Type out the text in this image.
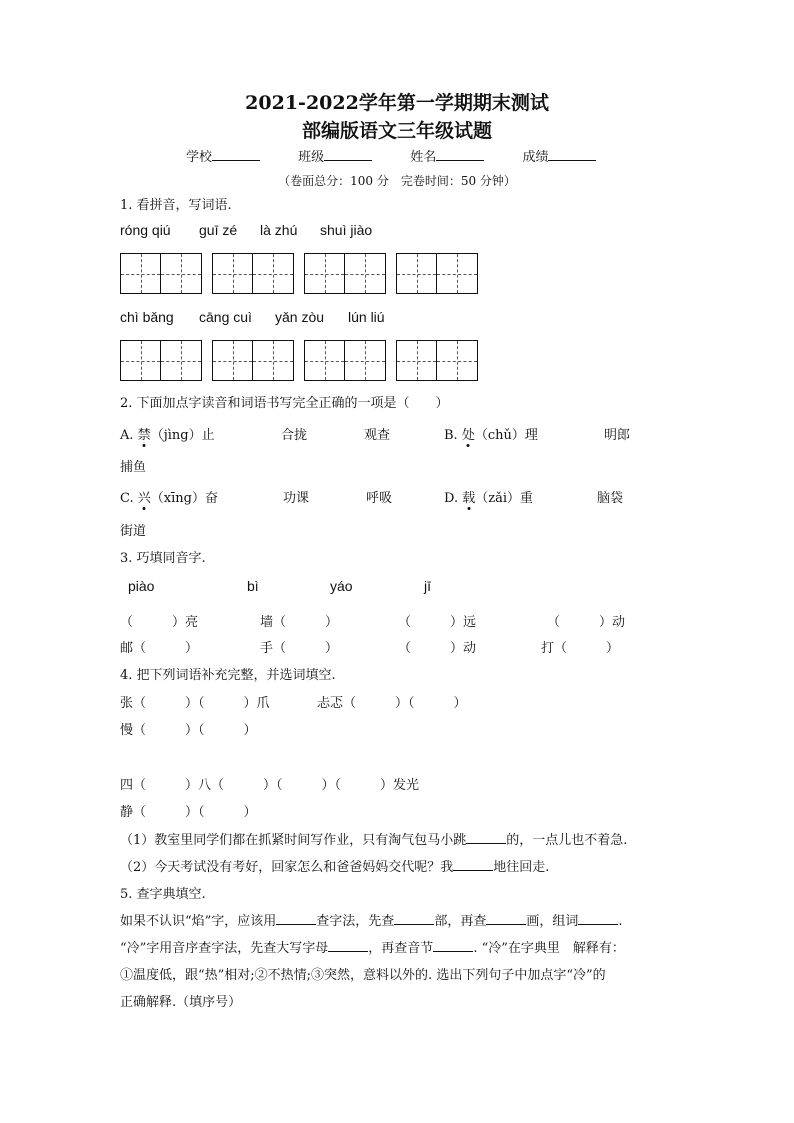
2021-2022学年第一学期期末测试
部编版语文三年级试题
学校	班级	姓名	成绩
（卷面总分：100 分　完卷时间：50 分钟）
1. 看拼音，写词语.
róng qiú guī zé là zhú shuì jiào
chì bǎng cāng cuì yǎn zòu lún liú
2. 下面加点字读音和词语书写完全正确的一项是（　　）
A. 禁（jìng）止	合拢	观查	B. 处（chǔ）理	明郎
捕鱼
C. 兴（xīng）奋	功课	呼吸	D. 载（zǎi）重	脑袋
街道
3. 巧填同音字.
piào	bì	yáo	jī
（　　　）亮	墙（　　　）	（　　　）远	（　　　）动
邮（　　　）	手（　　　）	（　　　）动	打（　　　）
4. 把下列词语补充完整，并选词填空.
张（　　　）（　　　）爪	忐忑（　　　）（　　　）
慢（　　　）（　　　）
四（　　　）八（　　　）（　　　）（　　　）发光
静（　　　）（　　　）
（1）教室里同学们都在抓紧时间写作业，只有淘气包马小跳	的，一点儿也不着急.
（2）今天考试没有考好，回家怎么和爸爸妈妈交代呢？我	地往回走.
5. 查字典填空.
如果不认识“焰”字，应该用	查字法，先查	部，再查	画，组词	.
“冷”字用音序查字法，先查大写字母	，再查音节	. “冷”在字典里　解释有：
①温度低，跟“热”相对;②不热情;③突然，意料以外的. 选出下列句子中加点字“冷”的
正确解释.（填序号）
